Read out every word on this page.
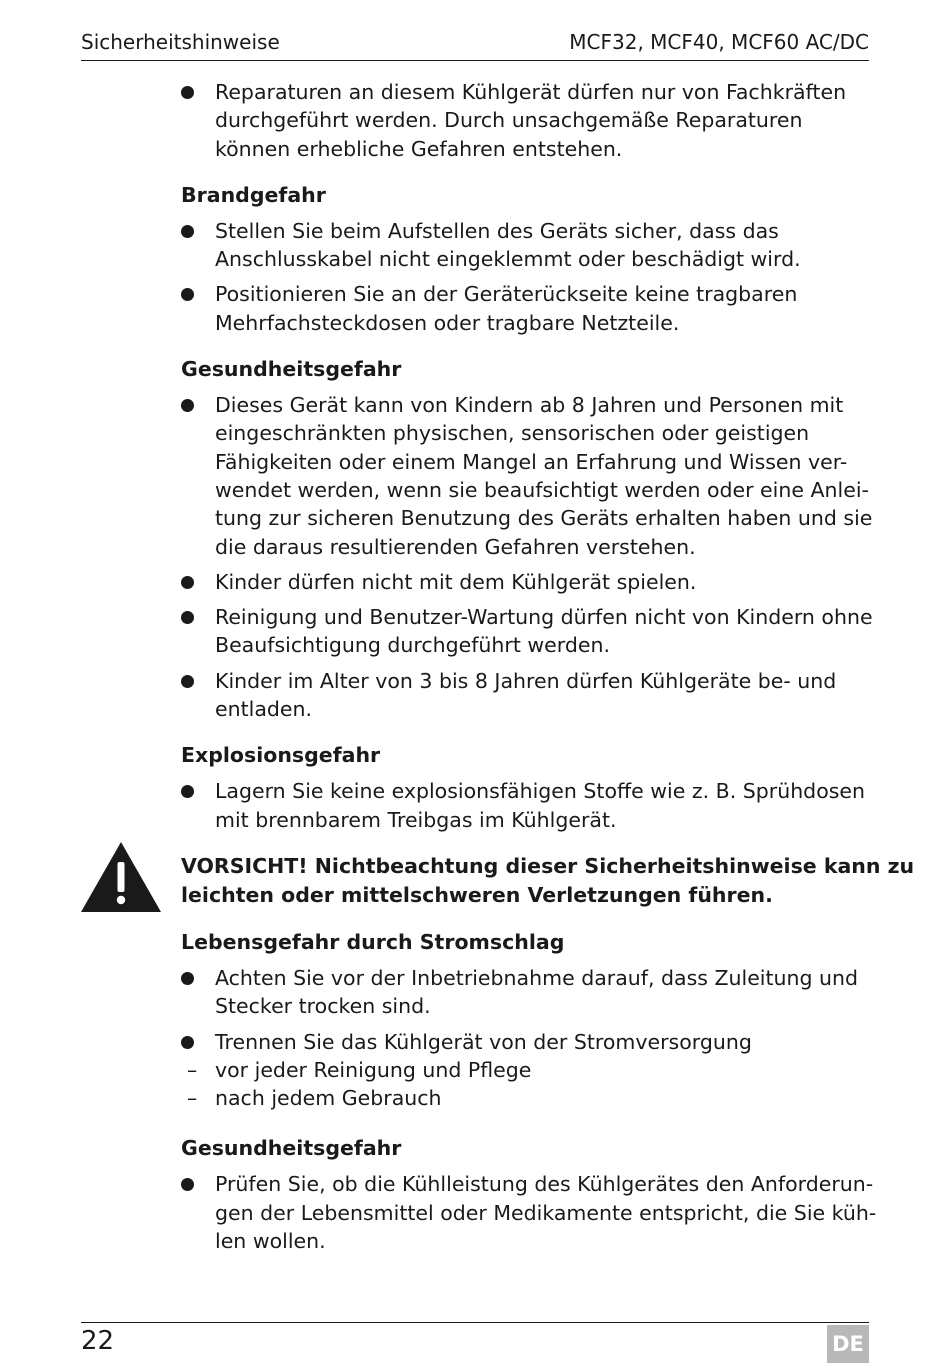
Sicherheitshinweise	MCF32, MCF40, MCF60 AC/DC
Reparaturen an diesem Kühlgerät dürfen nur von Fachkräften
durchgeführt werden. Durch unsachgemäße Reparaturen
können erhebliche Gefahren entstehen.
Brandgefahr
Stellen Sie beim Aufstellen des Geräts sicher, dass das
Anschlusskabel nicht eingeklemmt oder beschädigt wird.
Positionieren Sie an der Geräterückseite keine tragbaren
Mehrfachsteckdosen oder tragbare Netzteile.
Gesundheitsgefahr
Dieses Gerät kann von Kindern ab 8 Jahren und Personen mit
eingeschränkten physischen, sensorischen oder geistigen
Fähigkeiten oder einem Mangel an Erfahrung und Wissen ver-
wendet werden, wenn sie beaufsichtigt werden oder eine Anlei-
tung zur sicheren Benutzung des Geräts erhalten haben und sie
die daraus resultierenden Gefahren verstehen.
Kinder dürfen nicht mit dem Kühlgerät spielen.
Reinigung und Benutzer-Wartung dürfen nicht von Kindern ohne
Beaufsichtigung durchgeführt werden.
Kinder im Alter von 3 bis 8 Jahren dürfen Kühlgeräte be- und
entladen.
Explosionsgefahr
Lagern Sie keine explosionsfähigen Stoffe wie z. B. Sprühdosen
mit brennbarem Treibgas im Kühlgerät.
VORSICHT! Nichtbeachtung dieser Sicherheitshinweise kann zu
leichten oder mittelschweren Verletzungen führen.
Lebensgefahr durch Stromschlag
Achten Sie vor der Inbetriebnahme darauf, dass Zuleitung und
Stecker trocken sind.
Trennen Sie das Kühlgerät von der Stromversorgung
– vor jeder Reinigung und Pflege
– nach jedem Gebrauch
Gesundheitsgefahr
Prüfen Sie, ob die Kühlleistung des Kühlgerätes den Anforderun-
gen der Lebensmittel oder Medikamente entspricht, die Sie küh-
len wollen.
22	DE
